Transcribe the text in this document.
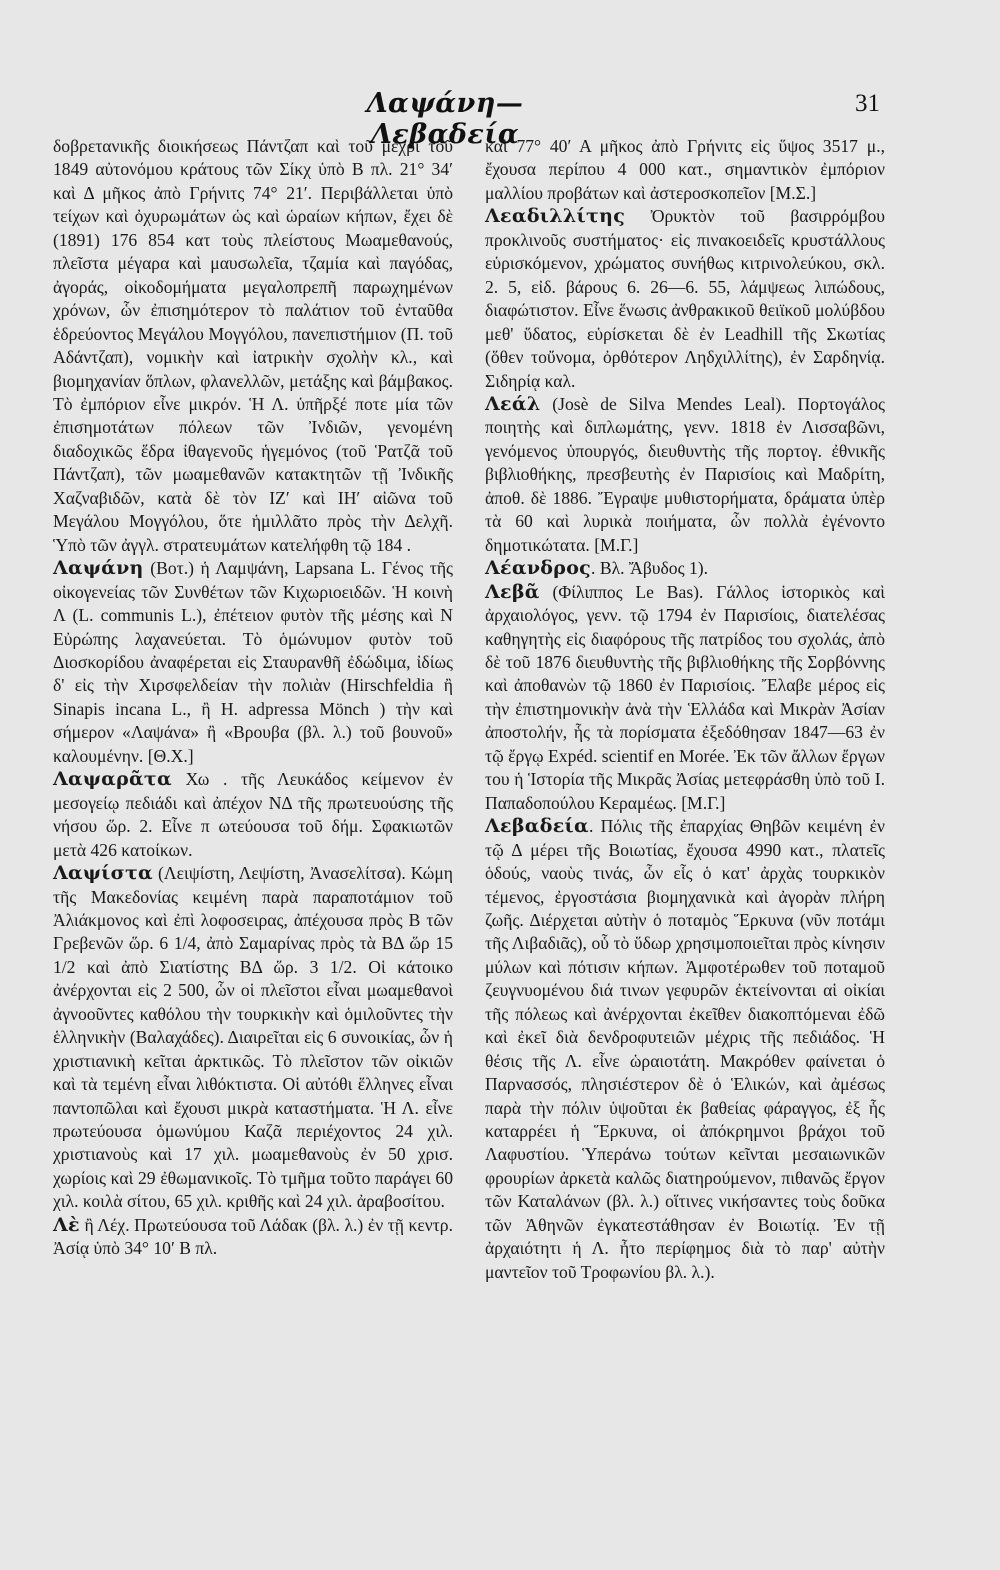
Λαψάνη—Λεβαδεία
31

δοβρετανικῆς διοικήσεως Πάντζαπ καὶ τοῦ μέχρι τοῦ 1849 αὐτονόμου κράτους τῶν Σίκχ ὑπὸ Β πλ. 21° 34′ καὶ Δ μῆκος ἀπὸ Γρήνιτς 74° 21′. Περιβάλλεται ὑπὸ τείχων καὶ ὀχυρωμάτων ὡς καὶ ὡραίων κήπων, ἔχει δὲ (1891) 176 854 κατ τοὺς πλείστους Μωαμεθανούς, πλεῖστα μέγαρα καὶ μαυσωλεῖα, τζαμία καὶ παγόδας, ἀγοράς, οἰκοδομήματα μεγαλοπρεπῆ παρωχημένων χρόνων, ὧν ἐπισημότερον τὸ παλάτιον τοῦ ἐνταῦθα ἑδρεύοντος Μεγάλου Μογγόλου, πανεπιστήμιον (Π. τοῦ Αδάντζαπ), νομικὴν καὶ ἰατρικὴν σχολὴν κλ., καὶ βιομηχανίαν ὅπλων, φλανελλῶν, μετάξης καὶ βάμβακος. Τὸ ἐμπόριον εἶνε μικρόν. Ἡ Λ. ὑπῆρξέ ποτε μία τῶν ἐπισημοτάτων πόλεων τῶν Ἰνδιῶν, γενομένη διαδοχικῶς ἕδρα ἰθαγενοῦς ἡγεμόνος (τοῦ Ῥατζᾶ τοῦ Πάντζαπ), τῶν μωαμεθανῶν κατακτητῶν τῇ Ἰνδικῆς Χαζναβιδῶν, κατὰ δὲ τὸν ΙΖ′ καὶ ΙΗ′ αἰῶνα τοῦ Μεγάλου Μογγόλου, ὅτε ἡμιλλᾶτο πρὸς τὴν Δελχῆ. Ὑπὸ τῶν ἀγγλ. στρατευμάτων κατελήφθη τῷ 184 .

Λαψάνη (Βοτ.) ἡ Λαμψάνη, Lapsana L. Γένος τῆς οἰκογενείας τῶν Συνθέτων τῶν Κιχωριοειδῶν. Ἡ κοινὴ Λ (L. communis L.), ἐπέτειον φυτὸν τῆς μέσης καὶ Ν Εὐρώπης λαχανεύεται. Τὸ ὁμώνυμον φυτὸν τοῦ Διοσκορίδου ἀναφέρεται εἰς Σταυρανθῆ ἐδώδιμα, ἰδίως δ' εἰς τὴν Χιρσφελδείαν τὴν πολιὰν (Hirschfeldia ἢ Sinapis incana L., ἢ H. adpressa Mönch ) τὴν καὶ σήμερον «Λαψάνα» ἢ «Βρουβα (βλ. λ.) τοῦ βουνοῦ» καλουμένην. [Θ.Χ.]

Λαψαρᾶτα Χω . τῆς Λευκάδος κείμενον ἐν μεσογείῳ πεδιάδι καὶ ἀπέχον ΝΔ τῆς πρωτευούσης τῆς νήσου ὥρ. 2. Εἶνε π ωτεύουσα τοῦ δήμ. Σφακιωτῶν μετὰ 426 κατοίκων.

Λαψίστα (Λειψίστη, Λεψίστη, Ἀνασελίτσα). Κώμη τῆς Μακεδονίας κειμένη παρὰ παραποτάμιον τοῦ Ἀλιάκμονος καὶ ἐπὶ λοφοσειρας, ἀπέχουσα πρὸς Β τῶν Γρεβενῶν ὥρ. 6 1/4, ἀπὸ Σαμαρίνας πρὸς τὰ ΒΔ ὥρ 15 1/2 καὶ ἀπὸ Σιατίστης ΒΔ ὥρ. 3 1/2. Οἱ κάτοικο ἀνέρχονται εἰς 2 500, ὧν οἱ πλεῖστοι εἶναι μωαμεθανοὶ ἀγνοοῦντες καθόλου τὴν τουρκικὴν καὶ ὁμιλοῦντες τὴν ἑλληνικὴν (Βαλαχάδες). Διαιρεῖται εἰς 6 συνοικίας, ὧν ἡ χριστιανικὴ κεῖται ἀρκτικῶς. Τὸ πλεῖστον τῶν οἰκιῶν καὶ τὰ τεμένη εἶναι λιθόκτιστα. Οἱ αὐτόθι ἕλληνες εἶναι παντοπῶλαι καὶ ἔχουσι μικρὰ καταστήματα. Ἡ Λ. εἶνε πρωτεύουσα ὁμωνύμου Καζᾶ περιέχοντος 24 χιλ. χριστιανοὺς καὶ 17 χιλ. μωαμεθανοὺς ἐν 50 χρισ. χωρίοις καὶ 29 ἐθωμανικοῖς. Τὸ τμῆμα τοῦτο παράγει 60 χιλ. κοιλὰ σίτου, 65 χιλ. κριθῆς καὶ 24 χιλ. ἀραβοσίτου.

Λὲ ἢ Λέχ. Πρωτεύουσα τοῦ Λάδακ (βλ. λ.) ἐν τῇ κεντρ. Ἀσίᾳ ὑπὸ 34° 10′ Β πλ.

καὶ 77° 40′ Α μῆκος ἀπὸ Γρήνιτς εἰς ὕψος 3517 μ., ἔχουσα περίπου 4 000 κατ., σημαντικὸν ἐμπόριον μαλλίου προβάτων καὶ ἀστεροσκοπεῖον [Μ.Σ.]

Λεαδιλλίτης Ὀρυκτὸν τοῦ βασιρρόμβου προκλινοῦς συστήματος· εἰς πινακοειδεῖς κρυστάλλους εὑρισκόμενον, χρώματος συνήθως κιτρινολεύκου, σκλ. 2. 5, εἰδ. βάρους 6. 26—6. 55, λάμψεως λιπώδους, διαφώτιστον. Εἶνε ἕνωσις ἀνθρακικοῦ θειϊκοῦ μολύβδου μεθ' ὕδατος, εὑρίσκεται δὲ ἐν Leadhill τῆς Σκωτίας (ὅθεν τοὔνομα, ὀρθότερον Ληδχιλλίτης), ἐν Σαρδηνίᾳ. Σιδηρίᾳ καλ.

Λεάλ (Josè de Silva Mendes Leal). Πορτογάλος ποιητὴς καὶ διπλωμάτης, γενν. 1818 ἐν Λισσαβῶνι, γενόμενος ὑπουργός, διευθυντὴς τῆς πορτογ. ἐθνικῆς βιβλιοθήκης, πρεσβευτὴς ἐν Παρισίοις καὶ Μαδρίτη, ἀποθ. δὲ 1886. Ἔγραψε μυθιστορήματα, δράματα ὑπὲρ τὰ 60 καὶ λυρικὰ ποιήματα, ὧν πολλὰ ἐγένοντο δημοτικώτατα. [Μ.Γ.]

Λέανδρος. Βλ. Ἄβυδος 1).

Λεβᾶ (Φίλιππος Le Bas). Γάλλος ἱστορικὸς καὶ ἀρχαιολόγος, γενν. τῷ 1794 ἐν Παρισίοις, διατελέσας καθηγητὴς εἰς διαφόρους τῆς πατρίδος του σχολάς, ἀπὸ δὲ τοῦ 1876 διευθυντὴς τῆς βιβλιοθήκης τῆς Σορβόννης καὶ ἀποθανὼν τῷ 1860 ἐν Παρισίοις. Ἔλαβε μέρος εἰς τὴν ἐπιστημονικὴν ἀνὰ τὴν Ἑλλάδα καὶ Μικρὰν Ἀσίαν ἀποστολήν, ἧς τὰ πορίσματα ἐξεδόθησαν 1847—63 ἐν τῷ ἔργῳ Expéd. scientif en Morée. Ἐκ τῶν ἄλλων ἔργων του ἡ Ἱστορία τῆς Μικρᾶς Ἀσίας μετεφράσθη ὑπὸ τοῦ Ι. Παπαδοπούλου Κεραμέως. [Μ.Γ.]

Λεβαδεία. Πόλις τῆς ἐπαρχίας Θηβῶν κειμένη ἐν τῷ Δ μέρει τῆς Βοιωτίας, ἔχουσα 4990 κατ., πλατεῖς ὁδούς, ναοὺς τινάς, ὧν εἷς ὁ κατ' ἀρχὰς τουρκικὸν τέμενος, ἐργοστάσια βιομηχανικὰ καὶ ἀγορὰν πλήρη ζωῆς. Διέρχεται αὐτὴν ὁ ποταμὸς Ἕρκυνα (νῦν ποτάμι τῆς Λιβαδιᾶς), οὗ τὸ ὕδωρ χρησιμοποιεῖται πρὸς κίνησιν μύλων καὶ πότισιν κήπων. Ἀμφοτέρωθεν τοῦ ποταμοῦ ζευγνυομένου διά τινων γεφυρῶν ἐκτείνονται αἱ οἰκίαι τῆς πόλεως καὶ ἀνέρχονται ἐκεῖθεν διακοπτόμεναι ἐδῶ καὶ ἐκεῖ διὰ δενδροφυτειῶν μέχρις τῆς πεδιάδος. Ἡ θέσις τῆς Λ. εἶνε ὡραιοτάτη. Μακρόθεν φαίνεται ὁ Παρνασσός, πλησιέστερον δὲ ὁ Ἑλικών, καὶ ἀμέσως παρὰ τὴν πόλιν ὑψοῦται ἐκ βαθείας φάραγγος, ἐξ ἧς καταρρέει ἡ Ἕρκυνα, οἱ ἀπόκρημνοι βράχοι τοῦ Λαφυστίου. Ὑπεράνω τούτων κεῖνται μεσαιωνικῶν φρουρίων ἀρκετὰ καλῶς διατηρούμενον, πιθανῶς ἔργον τῶν Καταλάνων (βλ. λ.) οἵτινες νικήσαντες τοὺς δοῦκα τῶν Ἀθηνῶν ἐγκατεστάθησαν ἐν Βοιωτίᾳ. Ἐν τῇ ἀρχαιότητι ἡ Λ. ἦτο περίφημος διὰ τὸ παρ' αὐτὴν μαντεῖον τοῦ Τροφωνίου βλ. λ.).
